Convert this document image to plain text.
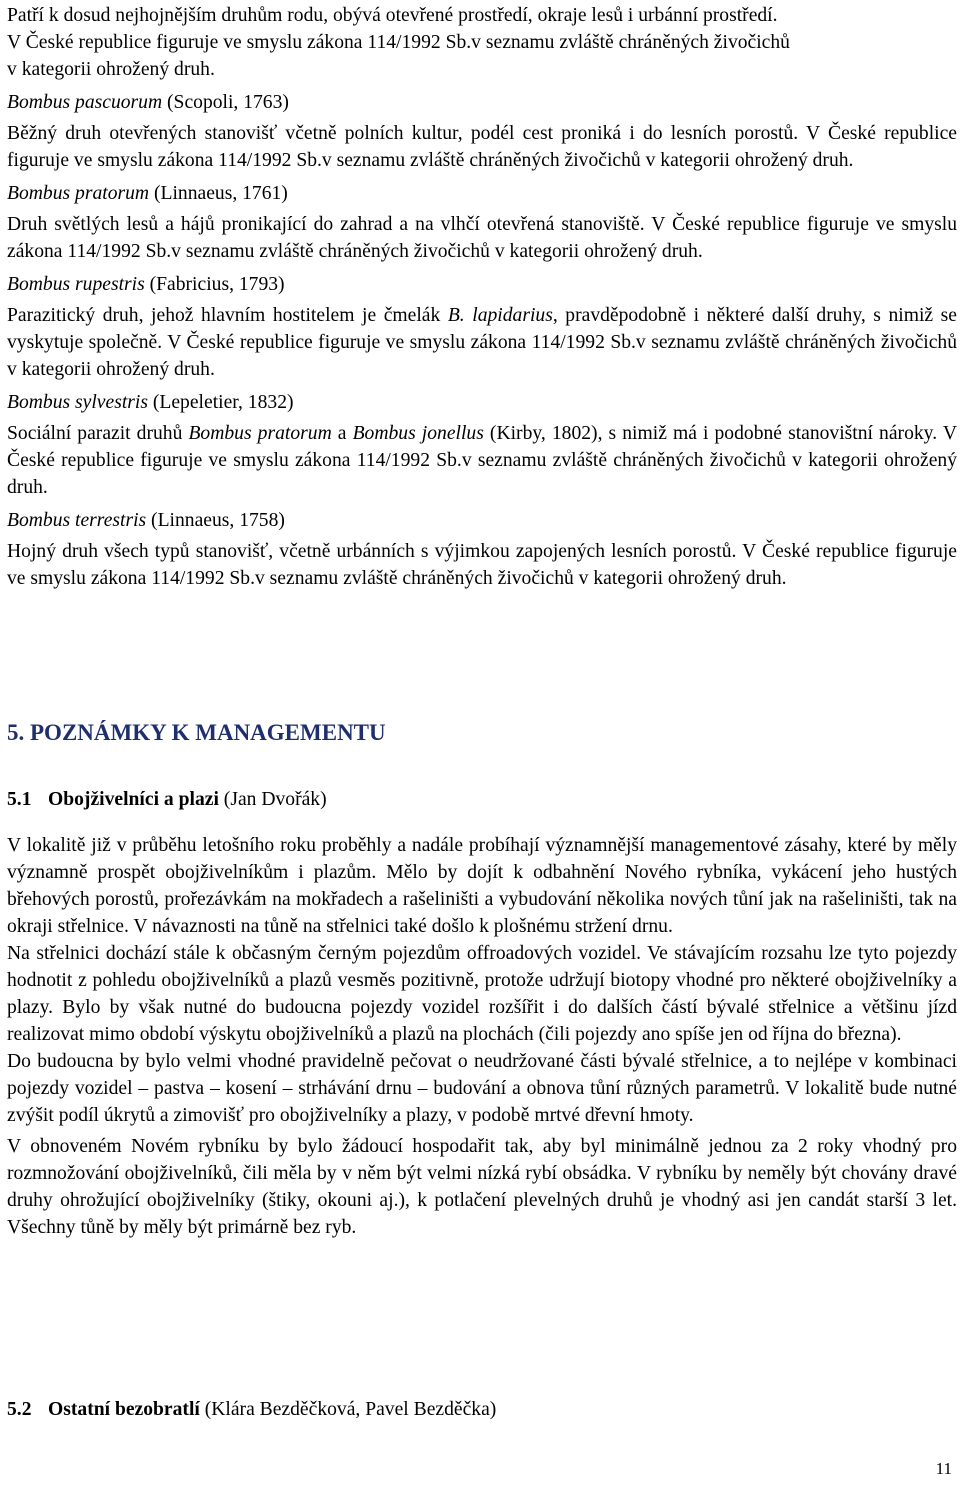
Patří k dosud nejhojnějším druhům rodu, obývá otevřené prostředí, okraje lesů i urbánní prostředí.
V České republice figuruje ve smyslu zákona 114/1992 Sb.v seznamu zvláště chráněných živočichů
v kategorii ohrožený druh.

Bombus pascuorum (Scopoli, 1763)

Běžný druh otevřených stanovišť včetně polních kultur, podél cest proniká i do lesních porostů. V České republice figuruje ve smyslu zákona 114/1992 Sb.v seznamu zvláště chráněných živočichů v kategorii ohrožený druh.

Bombus pratorum (Linnaeus, 1761)

Druh světlých lesů a hájů pronikající do zahrad a na vlhčí otevřená stanoviště. V České republice figuruje ve smyslu zákona 114/1992 Sb.v seznamu zvláště chráněných živočichů v kategorii ohrožený druh.

Bombus rupestris (Fabricius, 1793)

Parazitický druh, jehož hlavním hostitelem je čmelák B. lapidarius, pravděpodobně i některé další druhy, s nimiž se vyskytuje společně. V České republice figuruje ve smyslu zákona 114/1992 Sb.v seznamu zvláště chráněných živočichů v kategorii ohrožený druh.

Bombus sylvestris (Lepeletier, 1832)

Sociální parazit druhů Bombus pratorum a Bombus jonellus (Kirby, 1802), s nimiž má i podobné stanovištní nároky. V České republice figuruje ve smyslu zákona 114/1992 Sb.v seznamu zvláště chráněných živočichů v kategorii ohrožený druh.

Bombus terrestris (Linnaeus, 1758)

Hojný druh všech typů stanovišť, včetně urbánních s výjimkou zapojených lesních porostů. V České republice figuruje ve smyslu zákona 114/1992 Sb.v seznamu zvláště chráněných živočichů v kategorii ohrožený druh.

5. POZNÁMKY K MANAGEMENTU

5.1 Obojživelníci a plazi (Jan Dvořák)

V lokalitě již v průběhu letošního roku proběhly a nadále probíhají významnější managementové zásahy, které by měly významně prospět obojživelníkům i plazům. Mělo by dojít k odbahnění Nového rybníka, vykácení jeho hustých břehových porostů, prořezávkám na mokřadech a rašeliništi a vybudování několika nových tůní jak na rašeliništi, tak na okraji střelnice. V návaznosti na tůně na střelnici také došlo k plošnému stržení drnu.

Na střelnici dochází stále k občasným černým pojezdům offroadových vozidel. Ve stávajícím rozsahu lze tyto pojezdy hodnotit z pohledu obojživelníků a plazů vesměs pozitivně, protože udržují biotopy vhodné pro některé obojživelníky a plazy. Bylo by však nutné do budoucna pojezdy vozidel rozšířit i do dalších částí bývalé střelnice a většinu jízd realizovat mimo období výskytu obojživelníků a plazů na plochách (čili pojezdy ano spíše jen od října do března).

Do budoucna by bylo velmi vhodné pravidelně pečovat o neudržované části bývalé střelnice, a to nejlépe v kombinaci pojezdy vozidel – pastva – kosení – strhávání drnu – budování a obnova tůní různých parametrů. V lokalitě bude nutné zvýšit podíl úkrytů a zimovišť pro obojživelníky a plazy, v podobě mrtvé dřevní hmoty.

V obnoveném Novém rybníku by bylo žádoucí hospodařit tak, aby byl minimálně jednou za 2 roky vhodný pro rozmnožování obojživelníků, čili měla by v něm být velmi nízká rybí obsádka. V rybníku by neměly být chovány dravé druhy ohrožující obojživelníky (štiky, okouni aj.), k potlačení plevelných druhů je vhodný asi jen candát starší 3 let. Všechny tůně by měly být primárně bez ryb.

5.2 Ostatní bezobratlí (Klára Bezděčková, Pavel Bezděčka)

11
